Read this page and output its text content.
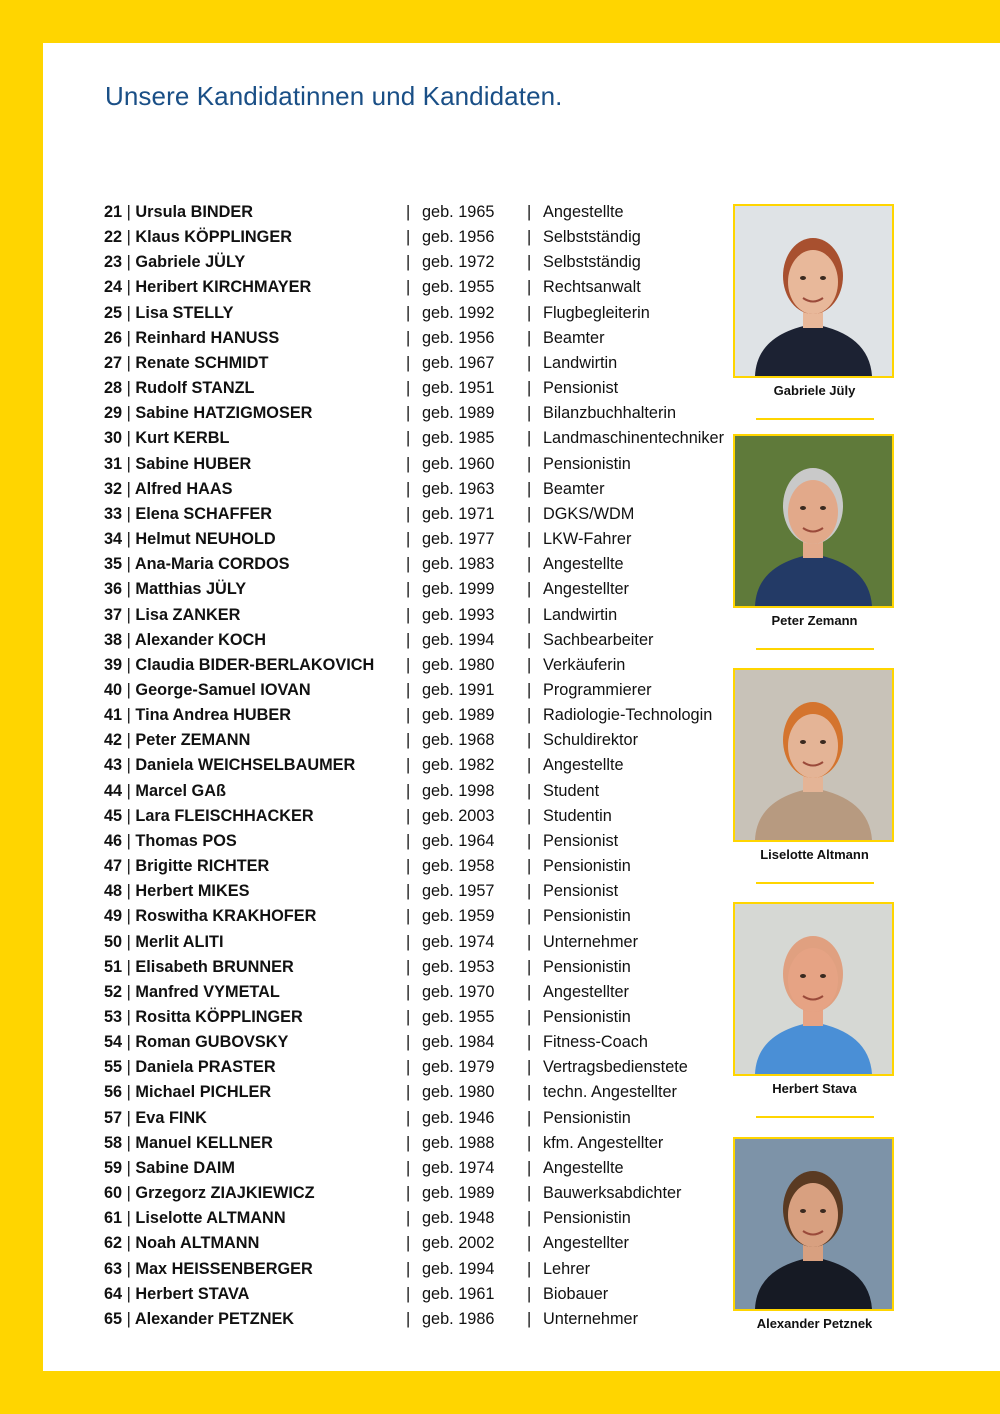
Unsere Kandidatinnen und Kandidaten.
21 | Ursula BINDER	| geb. 1965 | Angestellte
22 | Klaus KÖPPLINGER	| geb. 1956 | Selbstständig
23 | Gabriele JÜLY	| geb. 1972 | Selbstständig
24 | Heribert KIRCHMAYER	| geb. 1955 | Rechtsanwalt
25 | Lisa STELLY	| geb. 1992 | Flugbegleiterin
26 | Reinhard HANUSS	| geb. 1956 | Beamter
27 | Renate SCHMIDT	| geb. 1967 | Landwirtin
28 | Rudolf STANZL	| geb. 1951 | Pensionist
29 | Sabine HATZIGMOSER	| geb. 1989 | Bilanzbuchhalterin
30 | Kurt KERBL	| geb. 1985 | Landmaschinentechniker
31 | Sabine HUBER	| geb. 1960 | Pensionistin
32 | Alfred HAAS	| geb. 1963 | Beamter
33 | Elena SCHAFFER	| geb. 1971 | DGKS/WDM
34 | Helmut NEUHOLD	| geb. 1977 | LKW-Fahrer
35 | Ana-Maria CORDOS	| geb. 1983 | Angestellte
36 | Matthias JÜLY	| geb. 1999 | Angestellter
37 | Lisa ZANKER	| geb. 1993 | Landwirtin
38 | Alexander KOCH	| geb. 1994 | Sachbearbeiter
39 | Claudia BIDER-BERLAKOVICH | geb. 1980 | Verkäuferin
40 | George-Samuel IOVAN	| geb. 1991 | Programmierer
41 | Tina Andrea HUBER	| geb. 1989 | Radiologie-Technologin
42 | Peter ZEMANN	| geb. 1968 | Schuldirektor
43 | Daniela WEICHSELBAUMER	| geb. 1982 | Angestellte
44 | Marcel GAß	| geb. 1998 | Student
45 | Lara FLEISCHHACKER	| geb. 2003 | Studentin
46 | Thomas POS	| geb. 1964 | Pensionist
47 | Brigitte RICHTER	| geb. 1958 | Pensionistin
48 | Herbert MIKES	| geb. 1957 | Pensionist
49 | Roswitha KRAKHOFER	| geb. 1959 | Pensionistin
50 | Merlit ALITI	| geb. 1974 | Unternehmer
51 | Elisabeth BRUNNER	| geb. 1953 | Pensionistin
52 | Manfred VYMETAL	| geb. 1970 | Angestellter
53 | Rositta KÖPPLINGER	| geb. 1955 | Pensionistin
54 | Roman GUBOVSKY	| geb. 1984 | Fitness-Coach
55 | Daniela PRASTER	| geb. 1979 | Vertragsbedienstete
56 | Michael PICHLER	| geb. 1980 | techn. Angestellter
57 | Eva FINK	| geb. 1946 | Pensionistin
58 | Manuel KELLNER	| geb. 1988 | kfm. Angestellter
59 | Sabine DAIM	| geb. 1974 | Angestellte
60 | Grzegorz ZIAJKIEWICZ	| geb. 1989 | Bauwerksabdichter
61 | Liselotte ALTMANN	| geb. 1948 | Pensionistin
62 | Noah ALTMANN	| geb. 2002 | Angestellter
63 | Max HEISSENBERGER	| geb. 1994 | Lehrer
64 | Herbert STAVA	| geb. 1961 | Biobauer
65 | Alexander PETZNEK	| geb. 1986 | Unternehmer
Gabriele Jüly
Peter Zemann
Liselotte Altmann
Herbert Stava
Alexander Petznek
